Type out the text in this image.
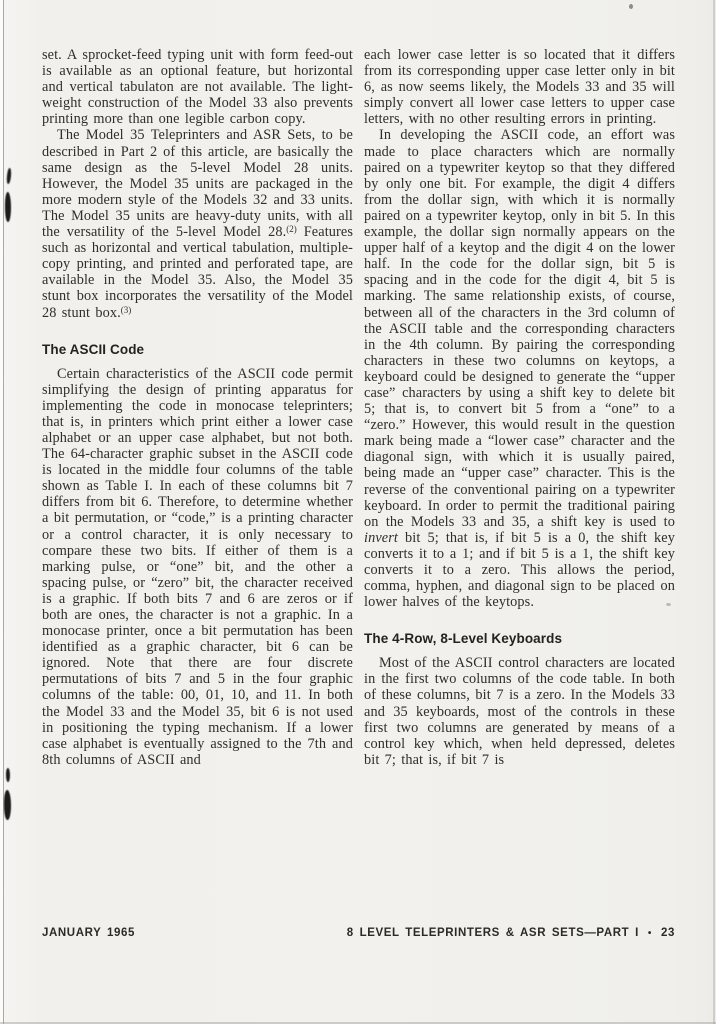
set. A sprocket-feed typing unit with form feed-out is available as an optional feature, but horizontal and vertical tabulaton are not available. The light-weight construction of the Model 33 also prevents printing more than one legible carbon copy.

The Model 35 Teleprinters and ASR Sets, to be described in Part 2 of this article, are basically the same design as the 5-level Model 28 units. However, the Model 35 units are packaged in the more modern style of the Models 32 and 33 units. The Model 35 units are heavy-duty units, with all the versatility of the 5-level Model 28.$^{(2)}$ Features such as horizontal and vertical tabulation, multiple-copy printing, and printed and perforated tape, are available in the Model 35. Also, the Model 35 stunt box incorporates the versatility of the Model 28 stunt box.$^{(3)}$

The ASCII Code

Certain characteristics of the ASCII code permit simplifying the design of printing apparatus for implementing the code in monocase teleprinters; that is, in printers which print either a lower case alphabet or an upper case alphabet, but not both. The 64-character graphic subset in the ASCII code is located in the middle four columns of the table shown as Table I. In each of these columns bit 7 differs from bit 6. Therefore, to determine whether a bit permutation, or “code,” is a printing character or a control character, it is only necessary to compare these two bits. If either of them is a marking pulse, or “one” bit, and the other a spacing pulse, or “zero” bit, the character received is a graphic. If both bits 7 and 6 are zeros or if both are ones, the character is not a graphic. In a monocase printer, once a bit permutation has been identified as a graphic character, bit 6 can be ignored. Note that there are four discrete permutations of bits 7 and 5 in the four graphic columns of the table: 00, 01, 10, and 11. In both the Model 33 and the Model 35, bit 6 is not used in positioning the typing mechanism. If a lower case alphabet is eventually assigned to the 7th and 8th columns of ASCII and

each lower case letter is so located that it differs from its corresponding upper case letter only in bit 6, as now seems likely, the Models 33 and 35 will simply convert all lower case letters to upper case letters, with no other resulting errors in printing.

In developing the ASCII code, an effort was made to place characters which are normally paired on a typewriter keytop so that they differed by only one bit. For example, the digit 4 differs from the dollar sign, with which it is normally paired on a typewriter keytop, only in bit 5. In this example, the dollar sign normally appears on the upper half of a keytop and the digit 4 on the lower half. In the code for the dollar sign, bit 5 is spacing and in the code for the digit 4, bit 5 is marking. The same relationship exists, of course, between all of the characters in the 3rd column of the ASCII table and the corresponding characters in the 4th column. By pairing the corresponding characters in these two columns on keytops, a keyboard could be designed to generate the “upper case” characters by using a shift key to delete bit 5; that is, to convert bit 5 from a “one” to a “zero.” However, this would result in the question mark being made a “lower case” character and the diagonal sign, with which it is usually paired, being made an “upper case” character. This is the reverse of the conventional pairing on a typewriter keyboard. In order to permit the traditional pairing on the Models 33 and 35, a shift key is used to invert bit 5; that is, if bit 5 is a 0, the shift key converts it to a 1; and if bit 5 is a 1, the shift key converts it to a zero. This allows the period, comma, hyphen, and diagonal sign to be placed on lower halves of the keytops.

The 4-Row, 8-Level Keyboards

Most of the ASCII control characters are located in the first two columns of the code table. In both of these columns, bit 7 is a zero. In the Models 33 and 35 keyboards, most of the controls in these first two columns are generated by means of a control key which, when held depressed, deletes bit 7; that is, if bit 7 is

JANUARY 1965	8 LEVEL TELEPRINTERS & ASR SETS—PART I • 23
